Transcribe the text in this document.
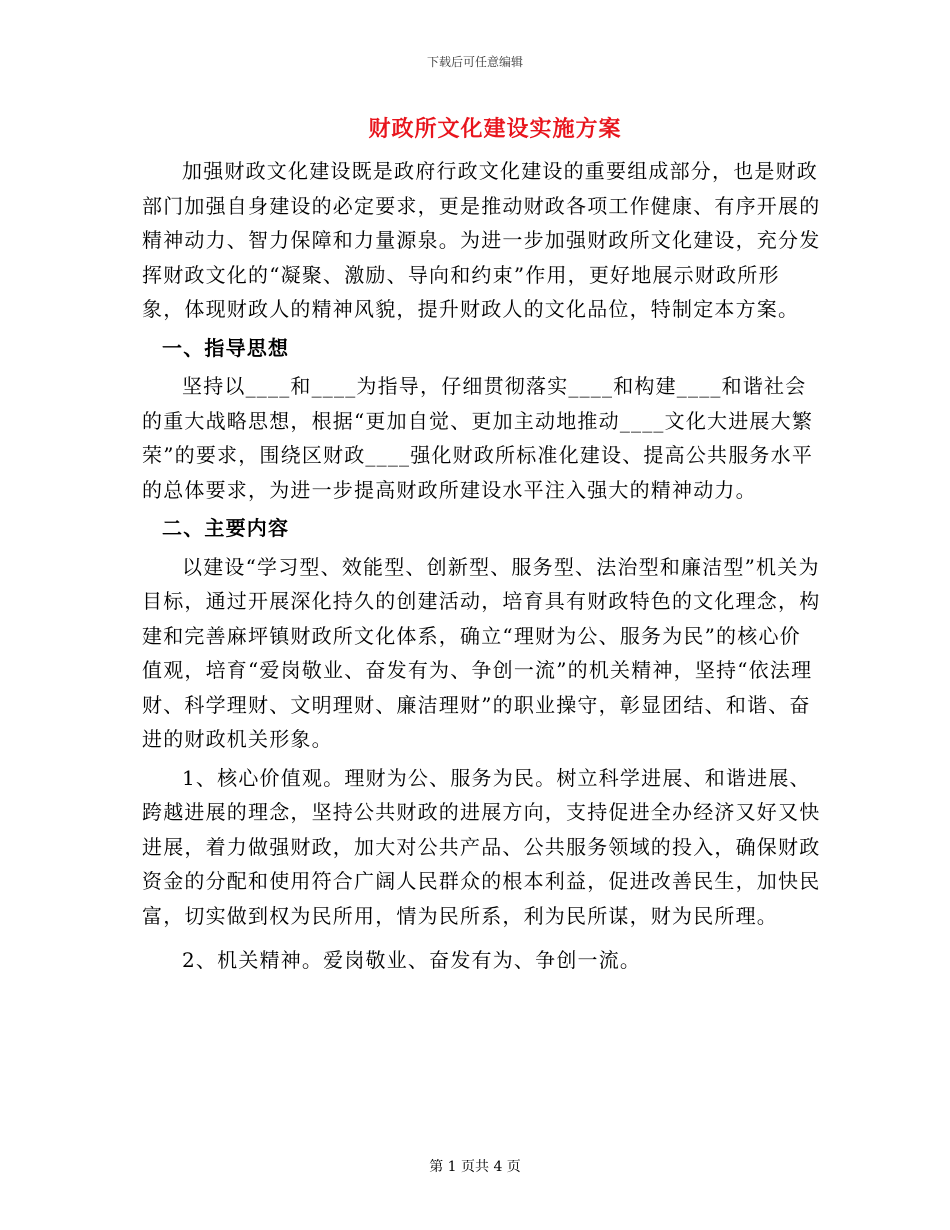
下载后可任意编辑
财政所文化建设实施方案

加强财政文化建设既是政府行政文化建设的重要组成部分，也是财政部门加强自身建设的必定要求，更是推动财政各项工作健康、有序开展的精神动力、智力保障和力量源泉。为进一步加强财政所文化建设，充分发挥财政文化的“凝聚、激励、导向和约束”作用，更好地展示财政所形象，体现财政人的精神风貌，提升财政人的文化品位，特制定本方案。

一、指导思想

坚持以____和____为指导，仔细贯彻落实____和构建____和谐社会的重大战略思想，根据“更加自觉、更加主动地推动____文化大进展大繁荣”的要求，围绕区财政____强化财政所标准化建设、提高公共服务水平的总体要求，为进一步提高财政所建设水平注入强大的精神动力。

二、主要内容

以建设“学习型、效能型、创新型、服务型、法治型和廉洁型”机关为目标，通过开展深化持久的创建活动，培育具有财政特色的文化理念，构建和完善麻坪镇财政所文化体系，确立“理财为公、服务为民”的核心价值观，培育“爱岗敬业、奋发有为、争创一流”的机关精神，坚持“依法理财、科学理财、文明理财、廉洁理财”的职业操守，彰显团结、和谐、奋进的财政机关形象。

1、核心价值观。理财为公、服务为民。树立科学进展、和谐进展、跨越进展的理念，坚持公共财政的进展方向，支持促进全办经济又好又快进展，着力做强财政，加大对公共产品、公共服务领域的投入，确保财政资金的分配和使用符合广阔人民群众的根本利益，促进改善民生，加快民富，切实做到权为民所用，情为民所系，利为民所谋，财为民所理。

2、机关精神。爱岗敬业、奋发有为、争创一流。

第 1 页共 4 页
